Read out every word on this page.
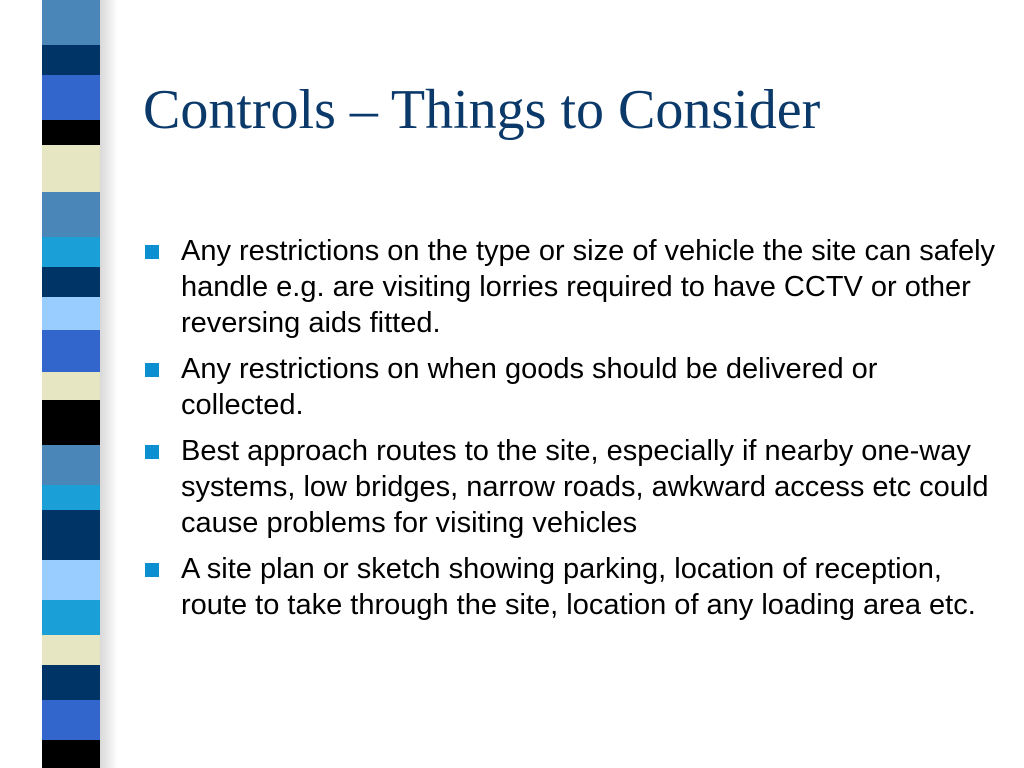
Controls – Things to Consider
Any restrictions on the type or size of vehicle the site can safely handle e.g. are visiting lorries required to have CCTV or other reversing aids fitted.
Any restrictions on when goods should be delivered or collected.
Best approach routes to the site, especially if nearby one-way systems, low bridges, narrow roads, awkward access etc could cause problems for visiting vehicles
A site plan or sketch showing parking, location of reception, route to take through the site, location of any loading area etc.
